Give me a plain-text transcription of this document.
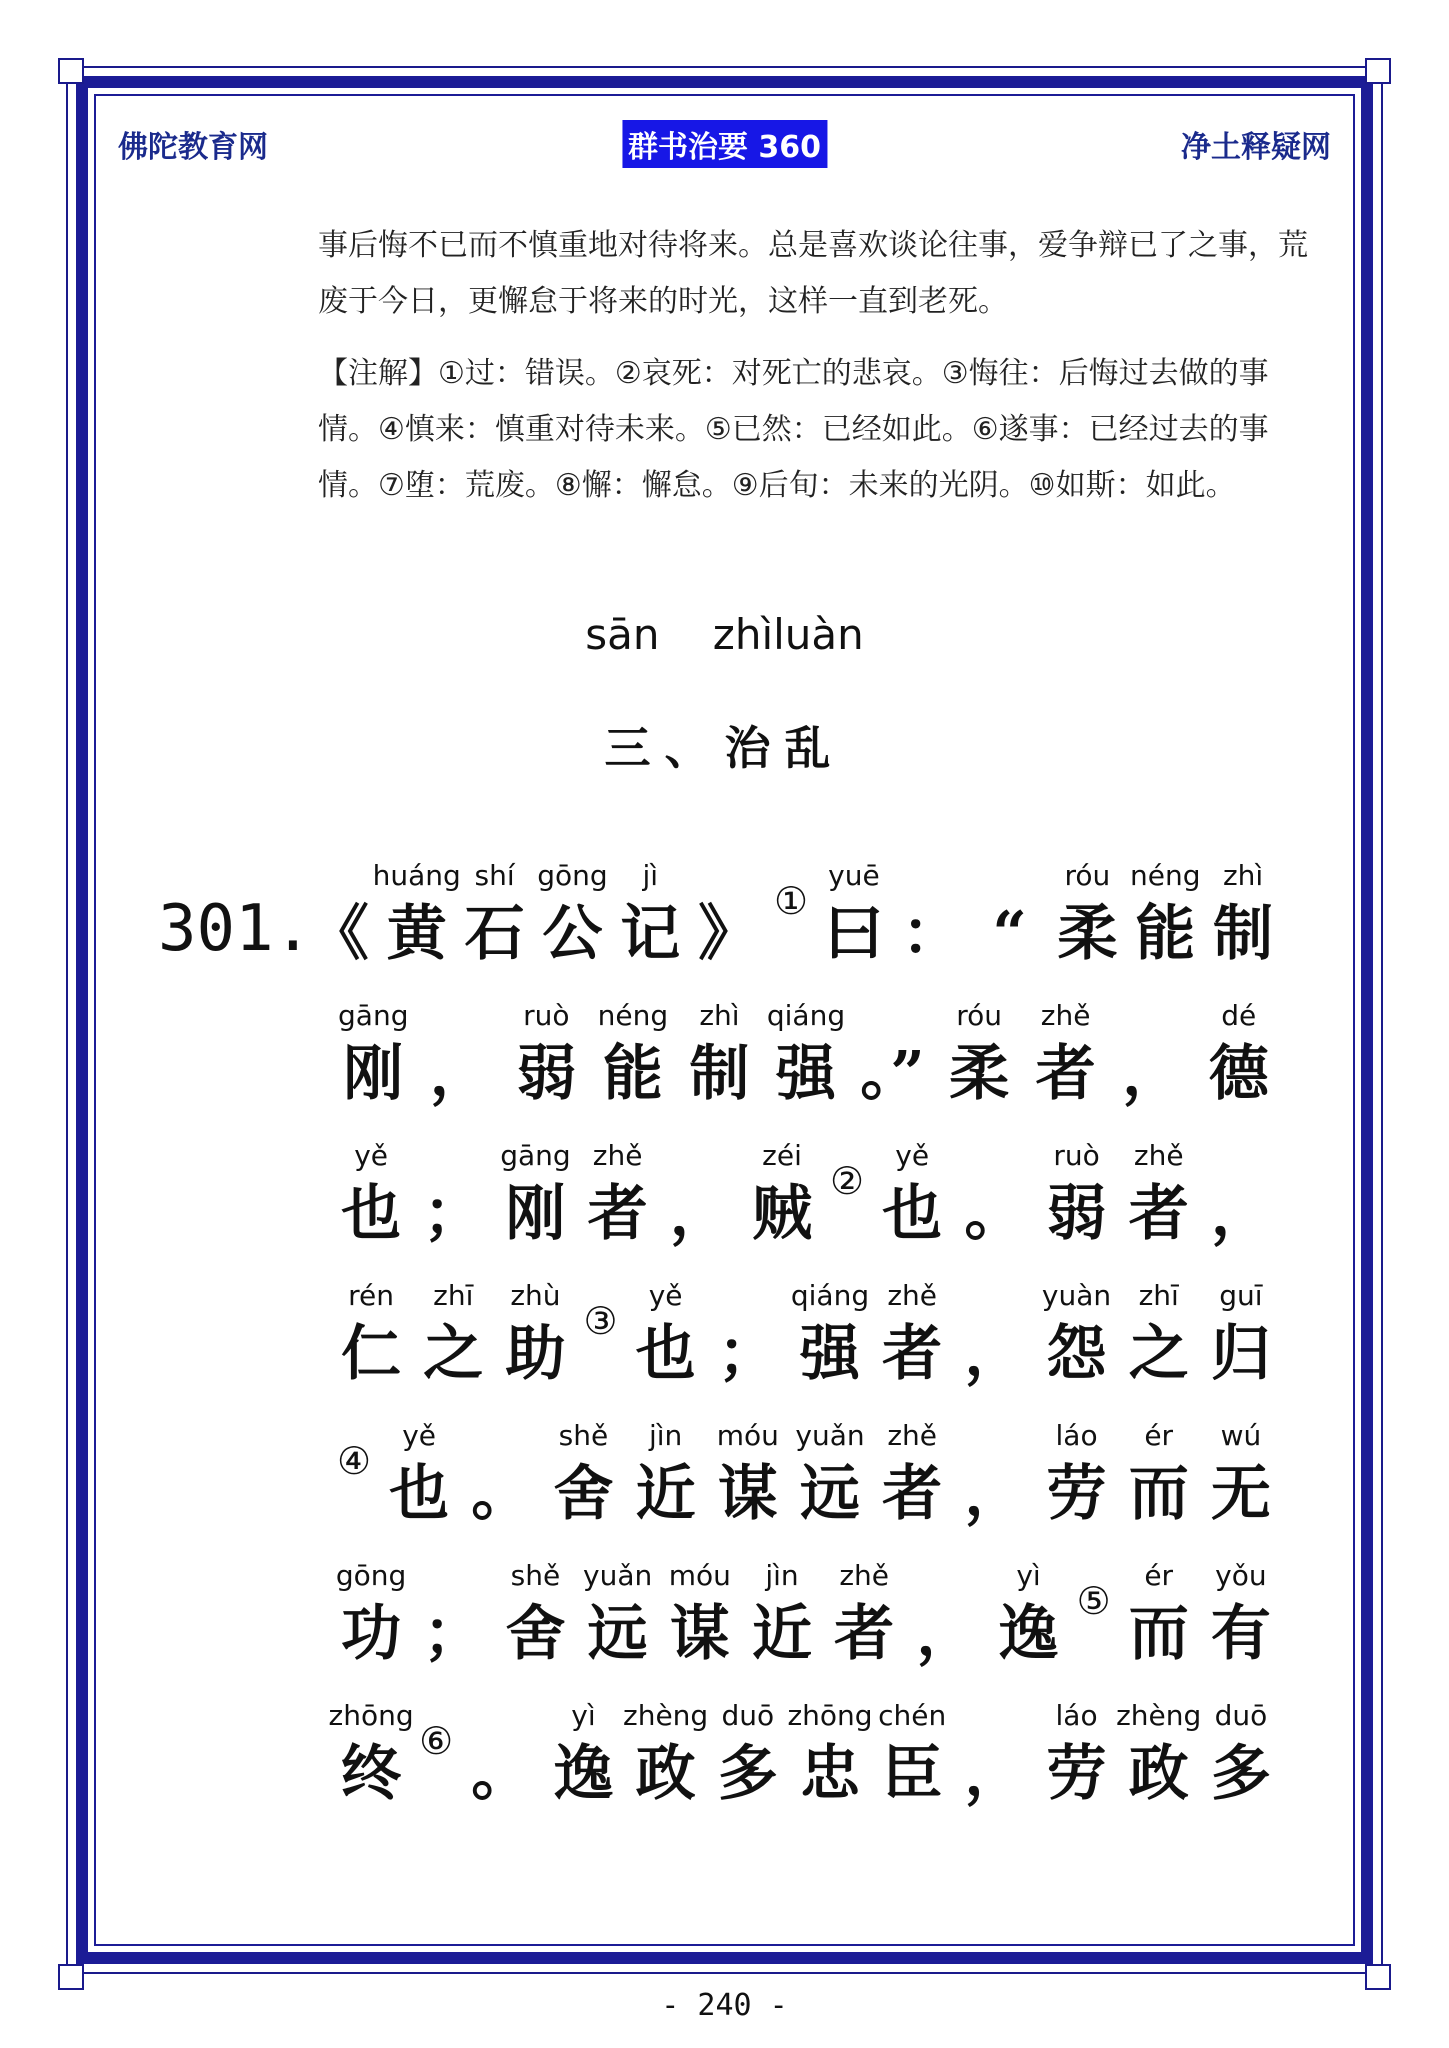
佛陀教育网	群书治要 360	净土释疑网
事后悔不已而不慎重地对待将来。总是喜欢谈论往事，爱争辩已了之事，荒废于今日，更懈怠于将来的时光，这样一直到老死。
【注解】①过：错误。②哀死：对死亡的悲哀。③悔往：后悔过去做的事情。④慎来：慎重对待未来。⑤已然：已经如此。⑥遂事：已经过去的事情。⑦堕：荒废。⑧懈：懈怠。⑨后旬：未来的光阴。⑩如斯：如此。
sān zhìluàn
三、治乱
301.
《
huáng
黄
shí
石
gōng
公
jì
记 》 ①
yuē
曰 ： “
róu
柔
néng
能
zhì
制
gāng
刚 ，
ruò
弱
néng
能
zhì
制
qiáng
强 。”
róu
柔
zhě
者 ，
dé
德
yě
也 ；
gāng
刚
zhě
者 ，
zéi
贼 ②
yě
也 。
ruò
弱
zhě
者 ，
rén
仁
zhī
之
zhù
助 ③
yě
也 ；
qiáng
强
zhě
者 ，
yuàn
怨
zhī
之
guī
归
④
yě
也 。
shě
舍
jìn
近
móu
谋
yuǎn
远
zhě
者 ，
láo
劳
ér
而
wú
无
gōng
功 ；
shě
舍
yuǎn
远
móu
谋
jìn
近
zhě
者 ，
yì
逸 ⑤
ér
而
yǒu
有
zhōng
终 ⑥ 。
yì
逸
zhèng
政
duō
多
zhōng
忠
chén
臣 ，
láo
劳
zhèng
政
duō
多
- 240 -
